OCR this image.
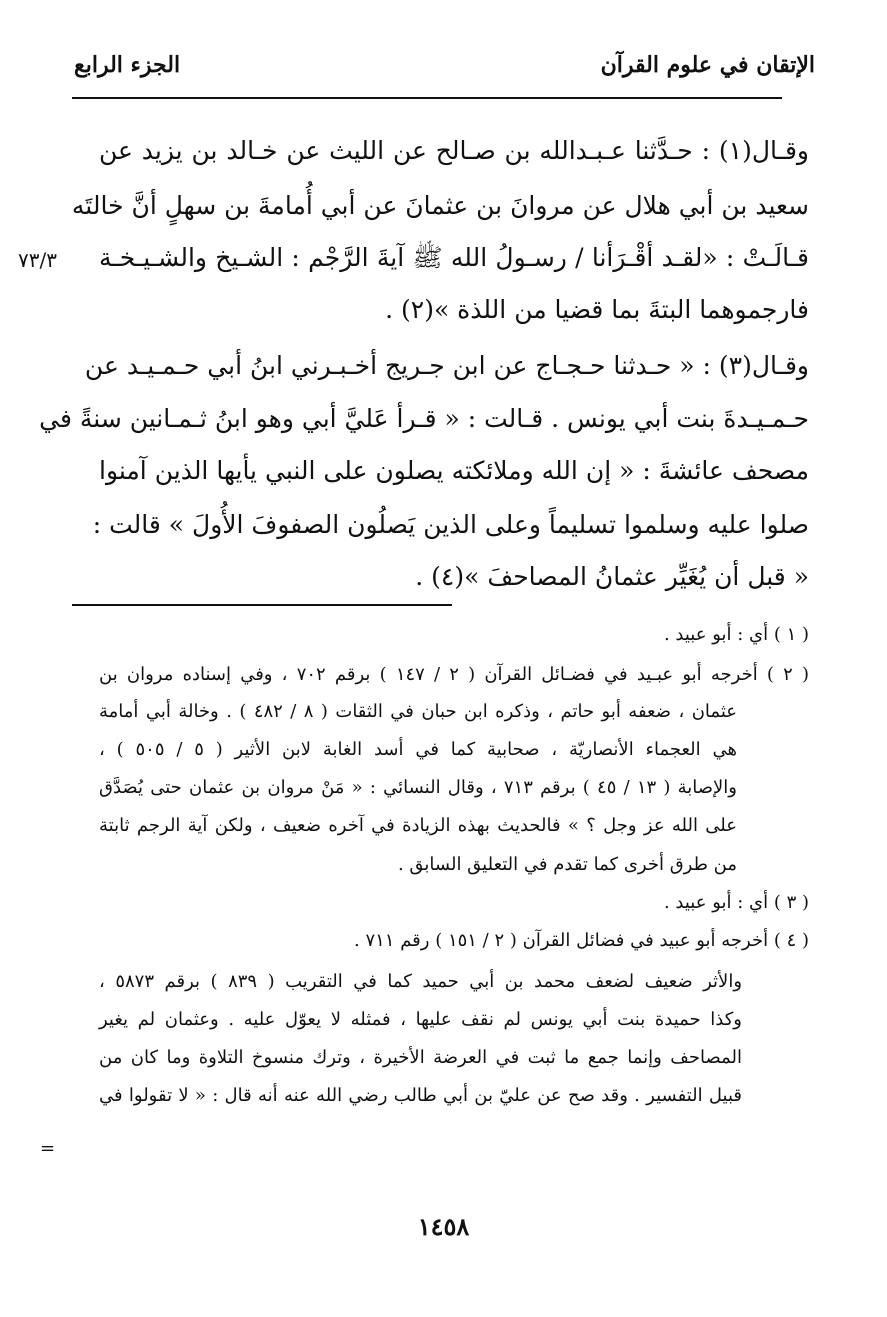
الإتقان في علوم القرآن
الجزء الرابع
وقـال(١) : حـدَّثنا عـبـدالله بن صـالح عن الليث عن خـالد بن يزيد عن
سعيد بن أبي هلال عن مروانَ بن عثمانَ عن أبي أُمامةَ بن سهلٍ أنَّ خالتَه
قـالَـتْ : «لقـد أقْـرَأنا / رسـولُ الله ﷺ آيةَ الرَّجْم : الشـيخ والشـيـخـة
فارجموهما البتةَ بما قضيا من اللذة »(٢) .
وقـال(٣) : « حـدثنا حـجـاج عن ابن جـريج أخـبـرني ابنُ أبي حـمـيـد عن
حـمـيـدةَ بنت أبي يونس . قـالت : « قـرأ عَليَّ أبي وهو ابنُ ثـمـانين سنةً في
مصحف عائشةَ : « إن الله وملائكته يصلون على النبي يأيها الذين آمنوا
صلوا عليه وسلموا تسليماً وعلى الذين يَصلُون الصفوفَ الأُولَ » قالت :
« قبل أن يُغَيِّر عثمانُ المصاحفَ »(٤) .
٧٣/٣
( ١ ) أي : أبو عبيد .
( ٢ ) أخرجه أبو عبـيد في فضـائل القرآن ( ٢ / ١٤٧ ) برقم ٧٠٢ ، وفي إسناده مروان بن
عثمان ، ضعفه أبو حاتم ، وذكره ابن حبان في الثقات ( ٨ / ٤٨٢ ) . وخالة أبي أمامة
هي العجماء الأنصاريّة ، صحابية كما في أسد الغابة لابن الأثير ( ٥ / ٥٠٥ ) ،
والإصابة ( ١٣ / ٤٥ ) برقم ٧١٣ ، وقال النسائي : « مَنْ مروان بن عثمان حتى يُصَدَّق
على الله عز وجل ؟ » فالحديث بهذه الزيادة في آخره ضعيف ، ولكن آية الرجم ثابتة
من طرق أخرى كما تقدم في التعليق السابق .
( ٣ ) أي : أبو عبيد .
( ٤ ) أخرجه أبو عبيد في فضائل القرآن ( ٢ / ١٥١ ) رقم ٧١١ .
والأثر ضعيف لضعف محمد بن أبي حميد كما في التقريب ( ٨٣٩ ) برقم ٥٨٧٣ ،
وكذا حميدة بنت أبي يونس لم نقف عليها ، فمثله لا يعوّل عليه . وعثمان لم يغير
المصاحف وإنما جمع ما ثبت في العرضة الأخيرة ، وترك منسوخ التلاوة وما كان من
قبيل التفسير . وقد صح عن عليّ بن أبي طالب رضي الله عنه أنه قال : « لا تقولوا في
=
١٤٥٨
